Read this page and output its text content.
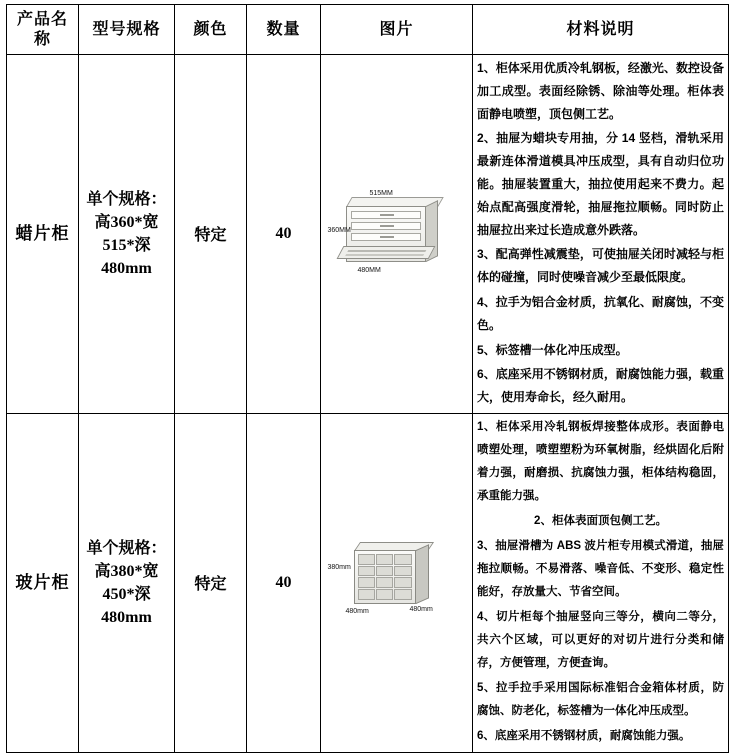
产品名称	型号规格	颜色	数量	图片	材料说明
蜡片柜	单个规格：高360*宽515*深480mm	特定	40	
515MM
360MM
480MM

1、柜体采用优质冷轧钢板，经激光、数控设备加工成型。表面经除锈、除油等处理。柜体表面静电喷塑，顶包侧工艺。

2、抽屉为蜡块专用抽，分 14 竖档，滑轨采用最新连体滑道模具冲压成型，具有自动归位功能。抽屉装置重大，抽拉使用起来不费力。起始点配高强度滑轮，抽屉拖拉顺畅。同时防止抽屉拉出来过长造成意外跌落。

3、配高弹性减震垫，可使抽屉关闭时减轻与柜体的碰撞，同时使噪音减少至最低限度。

4、拉手为铝合金材质，抗氧化、耐腐蚀，不变色。

5、标签槽一体化冲压成型。

6、底座采用不锈钢材质，耐腐蚀能力强，载重大，使用寿命长，经久耐用。

玻片柜	单个规格：高380*宽450*深480mm	特定	40	
380mm
480mm	480mm

1、柜体采用冷轧钢板焊接整体成形。表面静电喷塑处理，喷塑塑粉为环氧树脂，经烘固化后附着力强，耐磨损、抗腐蚀力强，柜体结构稳固，承重能力强。

2、柜体表面顶包侧工艺。

3、抽屉滑槽为 ABS 波片柜专用模式滑道，抽屉拖拉顺畅。不易滑落、噪音低、不变形、稳定性能好，存放量大、节省空间。

4、切片柜每个抽屉竖向三等分，横向二等分，共六个区域，可以更好的对切片进行分类和储存，方便管理，方便查询。

5、拉手拉手采用国际标准铝合金箱体材质，防腐蚀、防老化，标签槽为一体化冲压成型。

6、底座采用不锈钢材质，耐腐蚀能力强。
